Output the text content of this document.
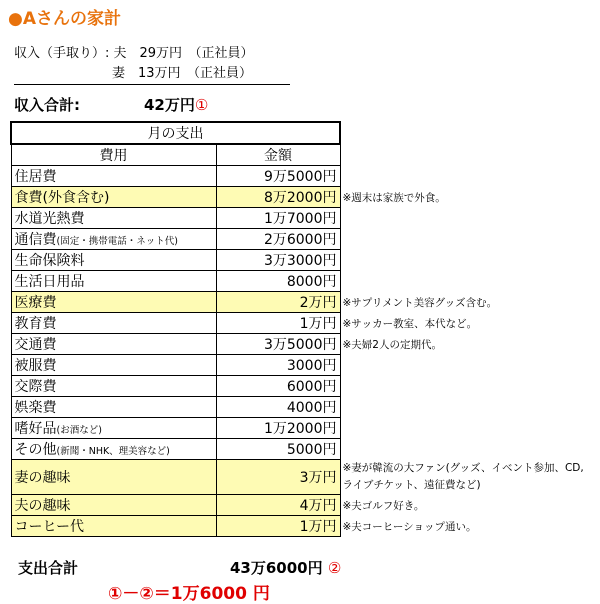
●Aさんの家計
収入（手取り）: 夫　29万円　（正社員）
妻　13万円　（正社員）
収入合計:	42万円①
月の支出		
費用	金額	
住居費	9万5000円	
食費(外食含む)	8万2000円	※週末は家族で外食。
水道光熱費	1万7000円	
通信費(固定・携帯電話・ネット代)	2万6000円	
生命保険料	3万3000円	
生活日用品	8000円	
医療費	2万円	※サプリメント美容グッズ含む。
教育費	1万円	※サッカー教室、本代など。
交通費	3万5000円	※夫婦2人の定期代。
被服費	3000円	
交際費	6000円	
娯楽費	4000円	
嗜好品(お酒など)	1万2000円	
その他(新聞・NHK、理美容など)	5000円	
妻の趣味	3万円	※妻が韓流の大ファン(グッズ、イベント参加、CD,ライブチケット、遠征費など)
夫の趣味	4万円	※夫ゴルフ好き。
コーヒー代	1万円	※夫コーヒーショップ通い。
支出合計	43万6000円 ②
①－②＝1万6000 円
